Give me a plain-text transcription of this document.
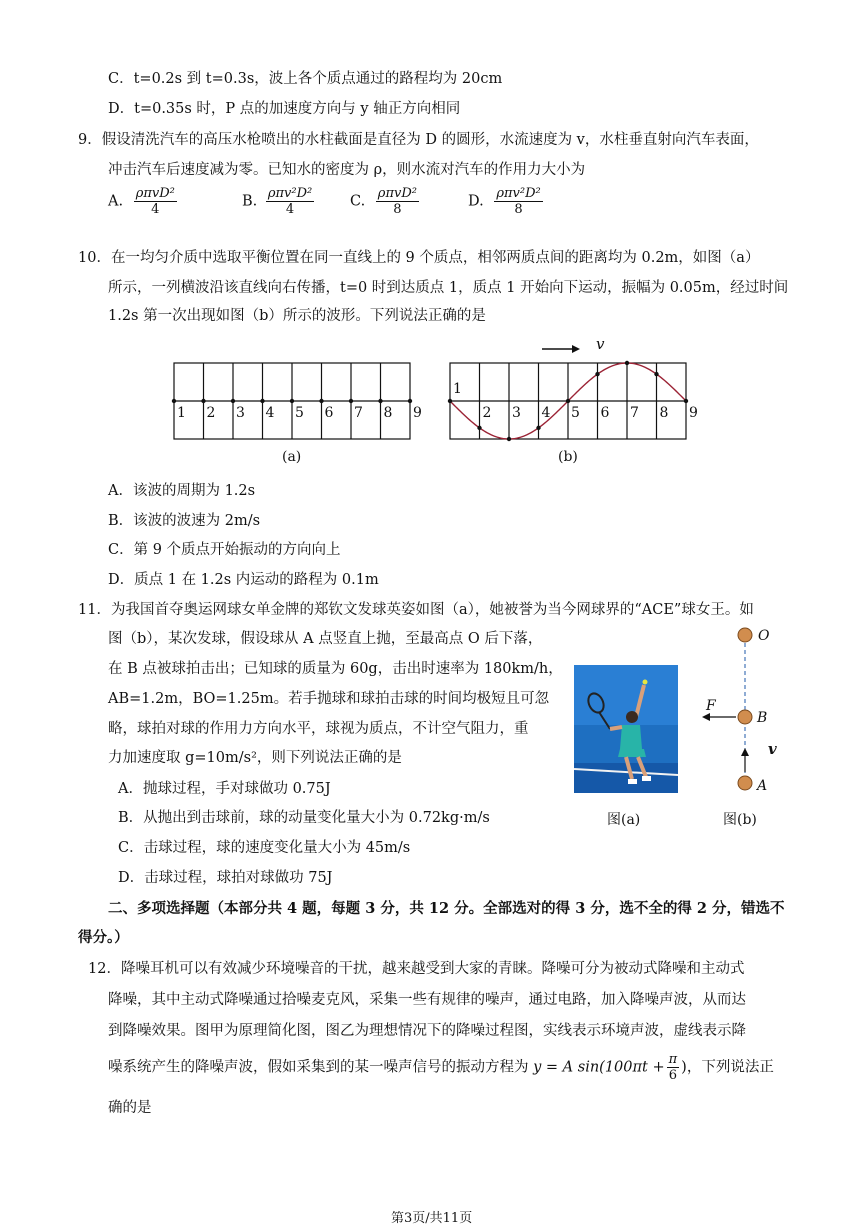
C．t=0.2s 到 t=0.3s，波上各个质点通过的路程均为 20cm
D．t=0.35s 时，P 点的加速度方向与 y 轴正方向相同
9．假设清洗汽车的高压水枪喷出的水柱截面是直径为 D 的圆形，水流速度为 v，水柱垂直射向汽车表面，
冲击汽车后速度减为零。已知水的密度为 ρ，则水流对汽车的作用力大小为
A. $\frac{\text{ρπvD²}}{4}$	B. $\frac{\text{ρπv²D²}}{4} C$. $\frac{\text{ρπvD²}}{8}$	D. $\frac{\text{ρπv²D²}}{8}$
10．在一均匀介质中选取平衡位置在同一直线上的 9 个质点，相邻两质点间的距离均为 0.2m，如图（a）
所示，一列横波沿该直线向右传播，t=0 时到达质点 1，质点 1 开始向下运动，振幅为 0.05m，经过时间
1.2s 第一次出现如图（b）所示的波形。下列说法正确的是
1 2 3 4 5 6 7 8 9
(a)
1
2 3 4 5 6 7 8 9
v
(b)
A．该波的周期为 1.2s
B．该波的波速为 2m/s
C．第 9 个质点开始振动的方向向上
D．质点 1 在 1.2s 内运动的路程为 0.1m
11．为我国首夺奥运网球女单金牌的郑钦文发球英姿如图（a），她被誉为当今网球界的“ACE”球女王。如
图（b），某次发球，假设球从 A 点竖直上抛，至最高点 O 后下落，
在 B 点被球拍击出；已知球的质量为 60g，击出时速率为 180km/h，
AB=1.2m，BO=1.25m。若手抛球和球拍击球的时间均极短且可忽
略，球拍对球的作用力方向水平，球视为质点，不计空气阻力，重
力加速度取 g=10m/s²，则下列说法正确的是
A．抛球过程，手对球做功 0.75J
B．从抛出到击球前，球的动量变化量大小为 0.72kg·m/s
C．击球过程，球的速度变化量大小为 45m/s
D．击球过程，球拍对球做功 75J
图(a)
O
B
A
F
v
图(b)
二、多项选择题（本部分共 4 题，每题 3 分，共 12 分。全部选对的得 3 分，选不全的得 2 分，错选不
得分。）
12．降噪耳机可以有效减少环境噪音的干扰，越来越受到大家的青睐。降噪可分为被动式降噪和主动式
降噪，其中主动式降噪通过拾噪麦克风，采集一些有规律的噪声，通过电路，加入降噪声波，从而达
到降噪效果。图甲为原理简化图，图乙为理想情况下的降噪过程图，实线表示环境声波，虚线表示降
噪系统产生的降噪声波，假如采集到的某一噪声信号的振动方程为 y = A $\sin(100\pi t + \frac{\pi}{6}$ )，下列说法正
确的是
第3页/共11页
